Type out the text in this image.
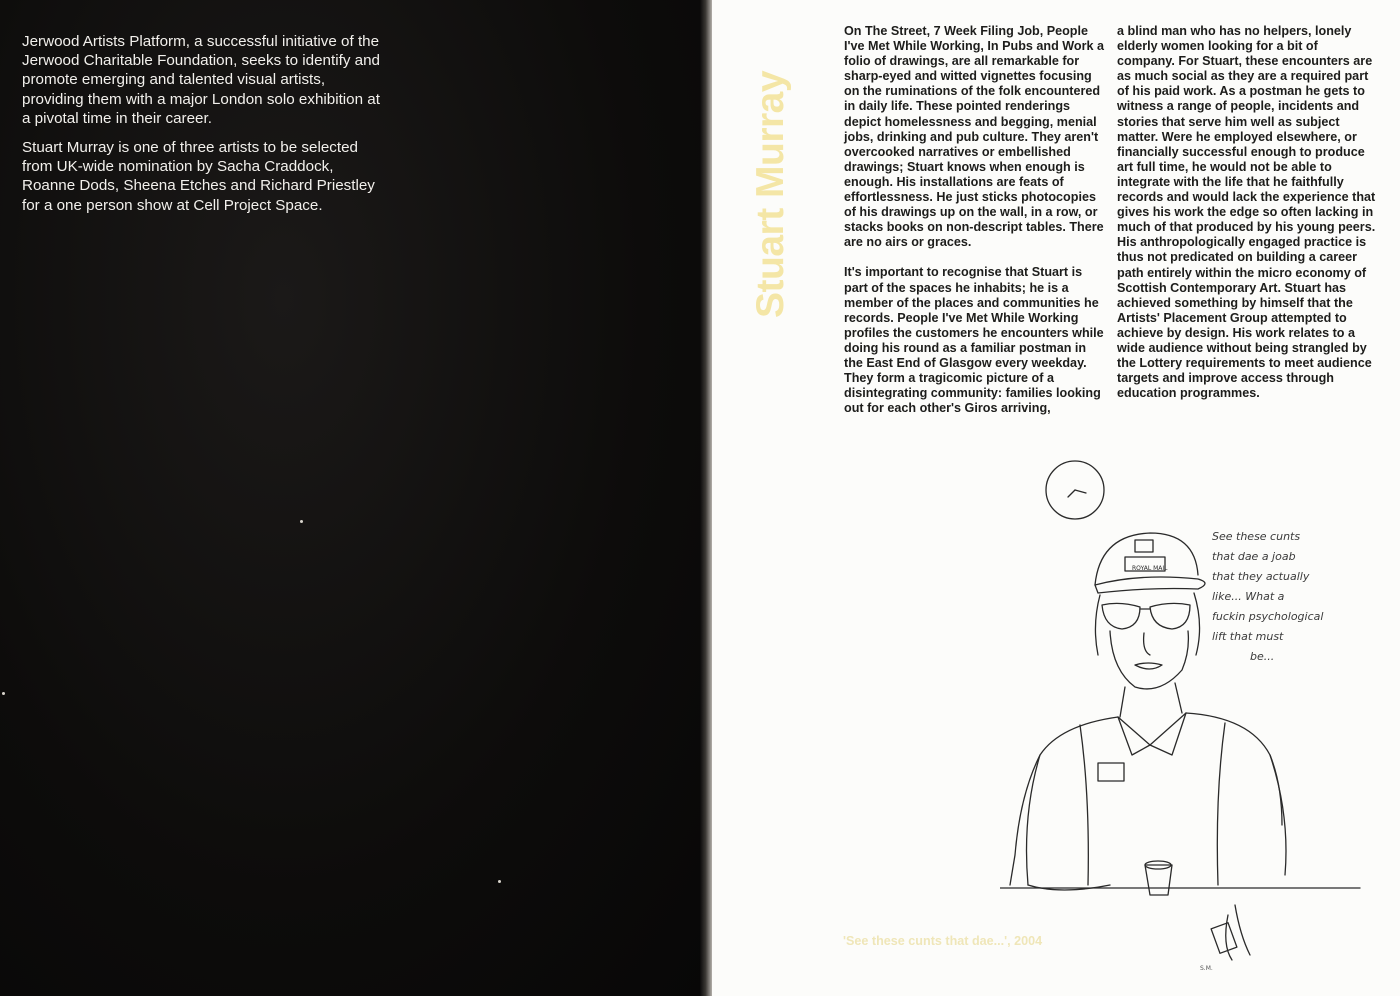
Jerwood Artists Platform, a successful initiative of the Jerwood Charitable Foundation, seeks to identify and promote emerging and talented visual artists, providing them with a major London solo exhibition at a pivotal time in their career.

Stuart Murray is one of three artists to be selected from UK-wide nomination by Sacha Craddock, Roanne Dods, Sheena Etches and Richard Priestley for a one person show at Cell Project Space.	Stuart Murray

On The Street, 7 Week Filing Job, People I've Met While Working, In Pubs and Work a folio of drawings, are all remarkable for sharp-eyed and witted vignettes focusing on the ruminations of the folk encountered in daily life. These pointed renderings depict homelessness and begging, menial jobs, drinking and pub culture. They aren't overcooked narratives or embellished drawings; Stuart knows when enough is enough. His installations are feats of effortlessness. He just sticks photocopies of his drawings up on the wall, in a row, or stacks books on non-descript tables. There are no airs or graces.

It's important to recognise that Stuart is part of the spaces he inhabits; he is a member of the places and communities he records. People I've Met While Working profiles the customers he encounters while doing his round as a familiar postman in the East End of Glasgow every weekday. They form a tragicomic picture of a disintegrating community: families looking out for each other's Giros arriving,

a blind man who has no helpers, lonely elderly women looking for a bit of company. For Stuart, these encounters are as much social as they are a required part of his paid work. As a postman he gets to witness a range of people, incidents and stories that serve him well as subject matter. Were he employed elsewhere, or financially successful enough to produce art full time, he would not be able to integrate with the life that he faithfully records and would lack the experience that gives his work the edge so often lacking in much of that produced by his young peers. His anthropologically engaged practice is thus not predicated on building a career path entirely within the micro economy of Scottish Contemporary Art. Stuart has achieved something by himself that the Artists' Placement Group attempted to achieve by design. His work relates to a wide audience without being strangled by the Lottery requirements to meet audience targets and improve access through education programmes.

See these cunts
that dae a joab
that they actually
like... What a
fuckin psychological
lift that must
be...
ROYAL MAIL
S.M.
'See these cunts that dae...', 2004
